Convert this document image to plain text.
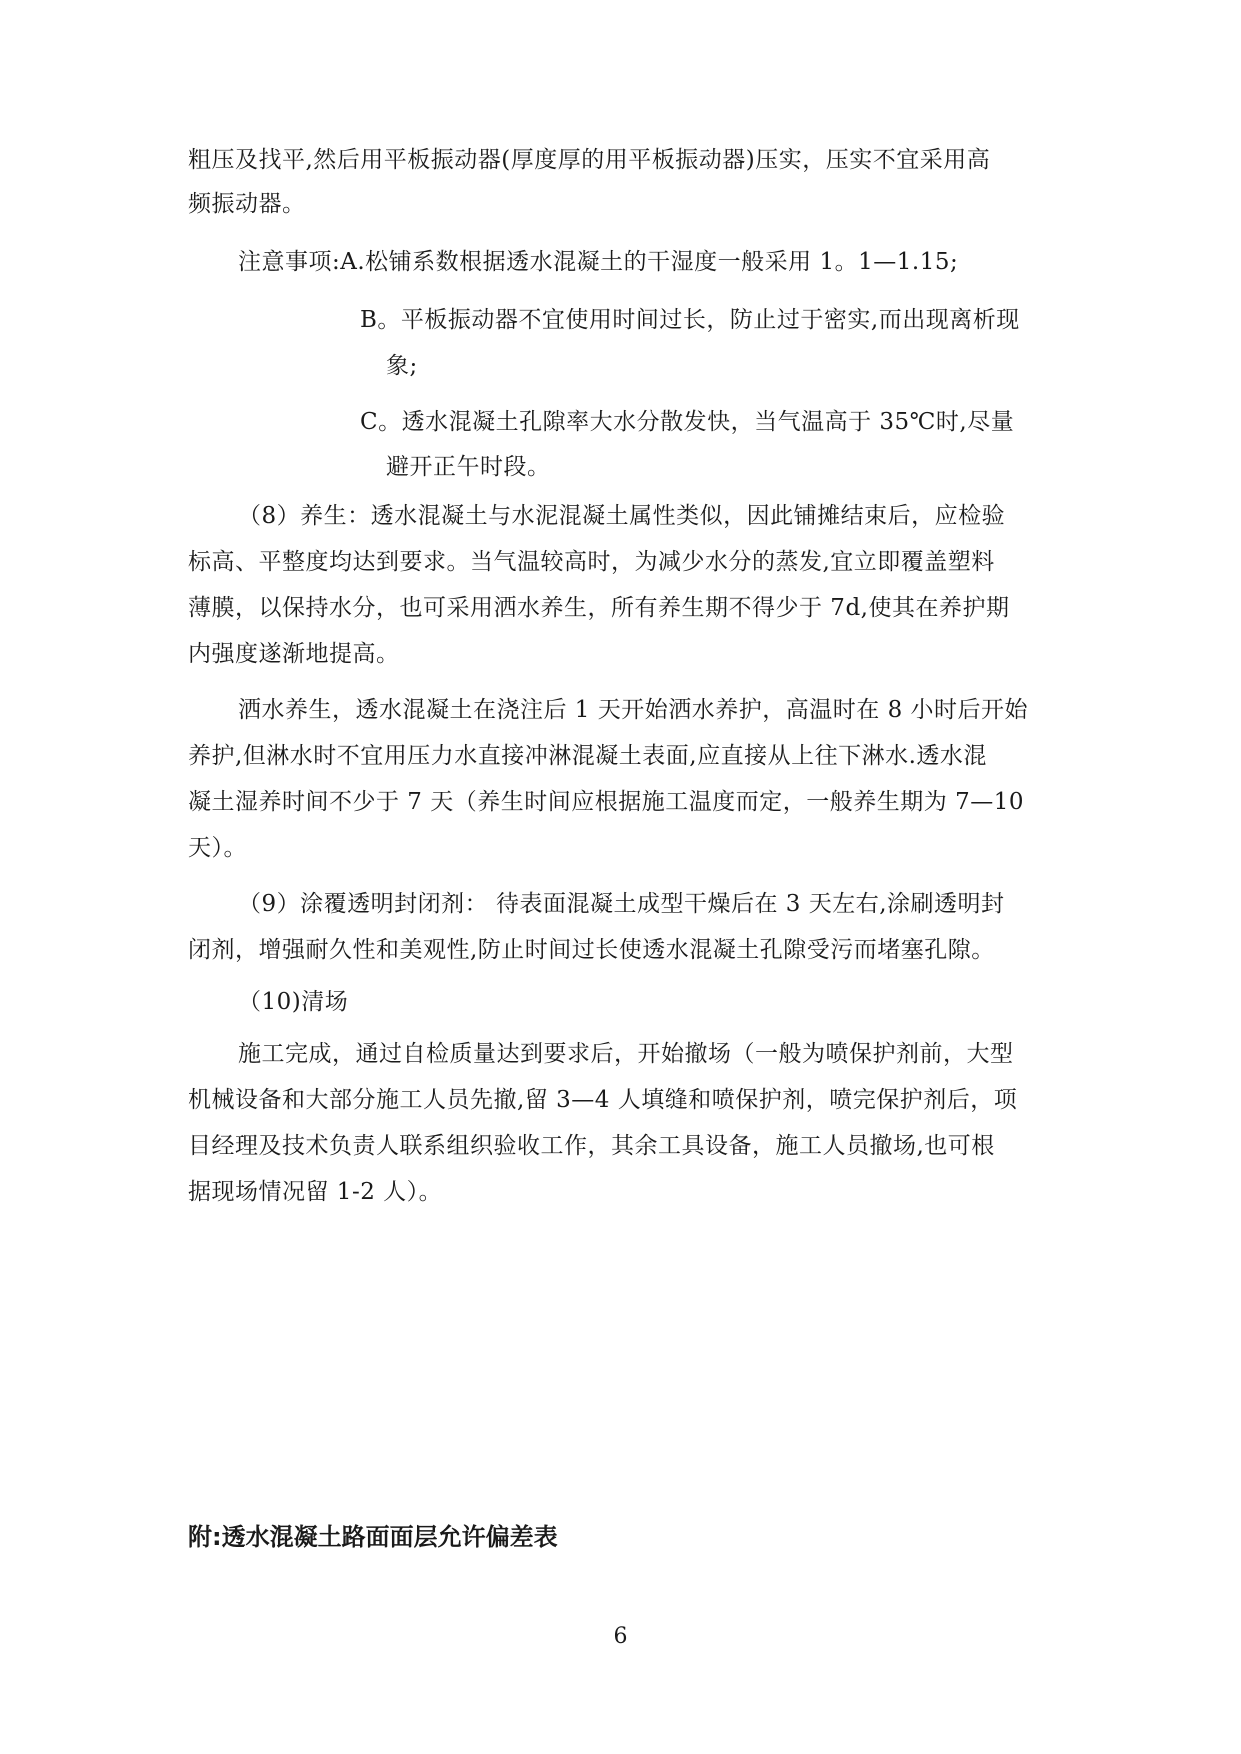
粗压及找平,然后用平板振动器(厚度厚的用平板振动器)压实，压实不宜采用高
频振动器。
注意事项:A.松铺系数根据透水混凝土的干湿度一般采用 1。1—1.15;
B。平板振动器不宜使用时间过长，防止过于密实,而出现离析现
象;
C。透水混凝土孔隙率大水分散发快，当气温高于 35℃时,尽量
避开正午时段。
（8）养生：透水混凝土与水泥混凝土属性类似，因此铺摊结束后，应检验
标高、平整度均达到要求。当气温较高时，为减少水分的蒸发,宜立即覆盖塑料
薄膜，以保持水分，也可采用洒水养生，所有养生期不得少于 7d,使其在养护期
内强度遂渐地提高。
洒水养生，透水混凝土在浇注后 1 天开始洒水养护，高温时在 8 小时后开始
养护,但淋水时不宜用压力水直接冲淋混凝土表面,应直接从上往下淋水.透水混
凝土湿养时间不少于 7 天（养生时间应根据施工温度而定，一般养生期为 7—10
天）。
（9）涂覆透明封闭剂： 待表面混凝土成型干燥后在 3 天左右,涂刷透明封
闭剂，增强耐久性和美观性,防止时间过长使透水混凝土孔隙受污而堵塞孔隙。
（10)清场
施工完成，通过自检质量达到要求后，开始撤场（一般为喷保护剂前，大型
机械设备和大部分施工人员先撤,留 3—4 人填缝和喷保护剂，喷完保护剂后，项
目经理及技术负责人联系组织验收工作，其余工具设备，施工人员撤场,也可根
据现场情况留 1-2 人）。
附:透水混凝土路面面层允许偏差表
6
